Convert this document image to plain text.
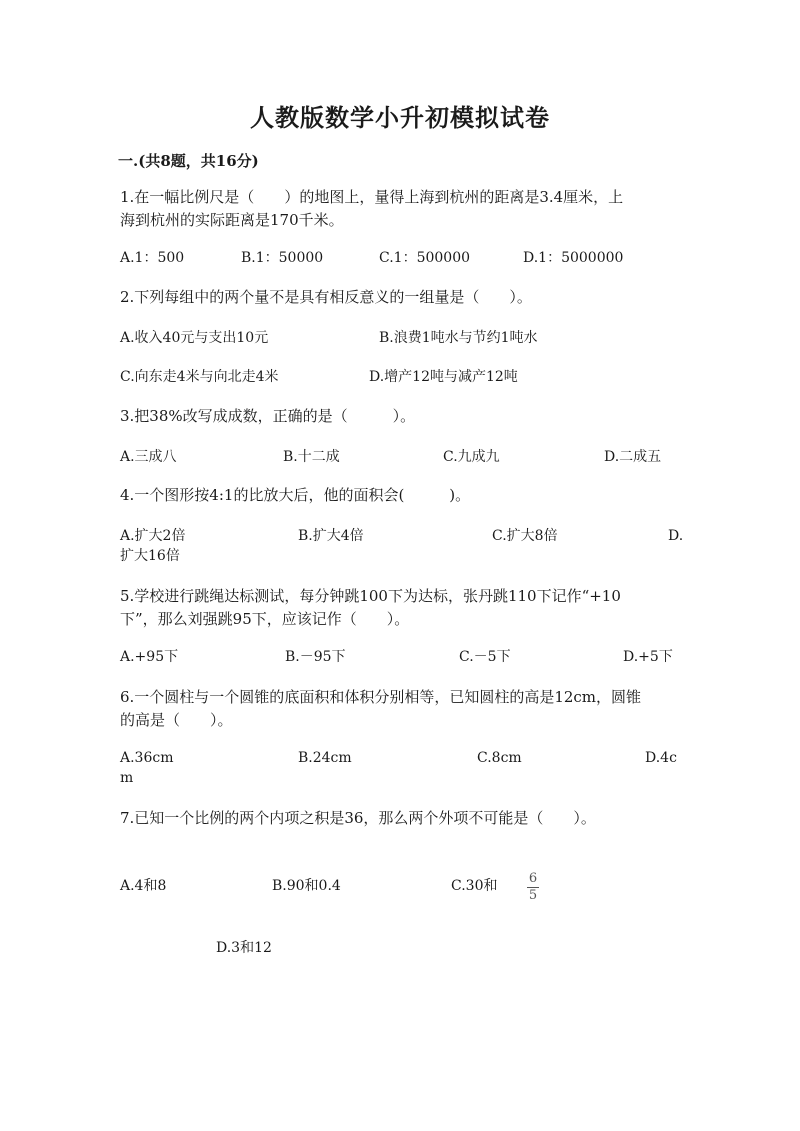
人教版数学小升初模拟试卷
一.(共8题，共16分)
1.在一幅比例尺是（　　）的地图上，量得上海到杭州的距离是3.4厘米，上
海到杭州的实际距离是170千米。
A.1：500	B.1：50000	C.1：500000	D.1：5000000
2.下列每组中的两个量不是具有相反意义的一组量是（　　）。
A.收入40元与支出10元	B.浪费1吨水与节约1吨水
C.向东走4米与向北走4米	D.增产12吨与减产12吨
3.把38%改写成成数，正确的是（　　　）。
A.三成八	B.十二成	C.九成九	D.二成五
4.一个图形按4:1的比放大后，他的面积会(　　　)。
A.扩大2倍	B.扩大4倍	C.扩大8倍	D.
扩大16倍
5.学校进行跳绳达标测试，每分钟跳100下为达标，张丹跳110下记作“+10
下”，那么刘强跳95下，应该记作（　　）。
A.+95下	B.－95下	C.－5下	D.+5下
6.一个圆柱与一个圆锥的底面积和体积分别相等，已知圆柱的高是12cm，圆锥
的高是（　　）。
A.36cm	B.24cm	C.8cm	D.4c
m
7.已知一个比例的两个内项之积是36，那么两个外项不可能是（　　）。
A.4和8	B.90和0.4	C.30和 6
5
D.3和12
